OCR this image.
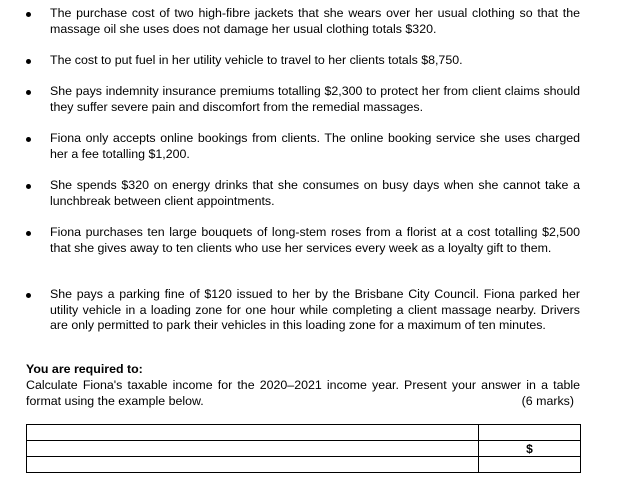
The purchase cost of two high-fibre jackets that she wears over her usual clothing so that the massage oil she uses does not damage her usual clothing totals $320.
The cost to put fuel in her utility vehicle to travel to her clients totals $8,750.
She pays indemnity insurance premiums totalling $2,300 to protect her from client claims should they suffer severe pain and discomfort from the remedial massages.
Fiona only accepts online bookings from clients. The online booking service she uses charged her a fee totalling $1,200.
She spends $320 on energy drinks that she consumes on busy days when she cannot take a lunchbreak between client appointments.
Fiona purchases ten large bouquets of long-stem roses from a florist at a cost totalling $2,500 that she gives away to ten clients who use her services every week as a loyalty gift to them.
She pays a parking fine of $120 issued to her by the Brisbane City Council. Fiona parked her utility vehicle in a loading zone for one hour while completing a client massage nearby. Drivers are only permitted to park their vehicles in this loading zone for a maximum of ten minutes.
You are required to:
Calculate Fiona's taxable income for the 2020–2021 income year. Present your answer in a table format using the example below.	(6 marks)

	$
